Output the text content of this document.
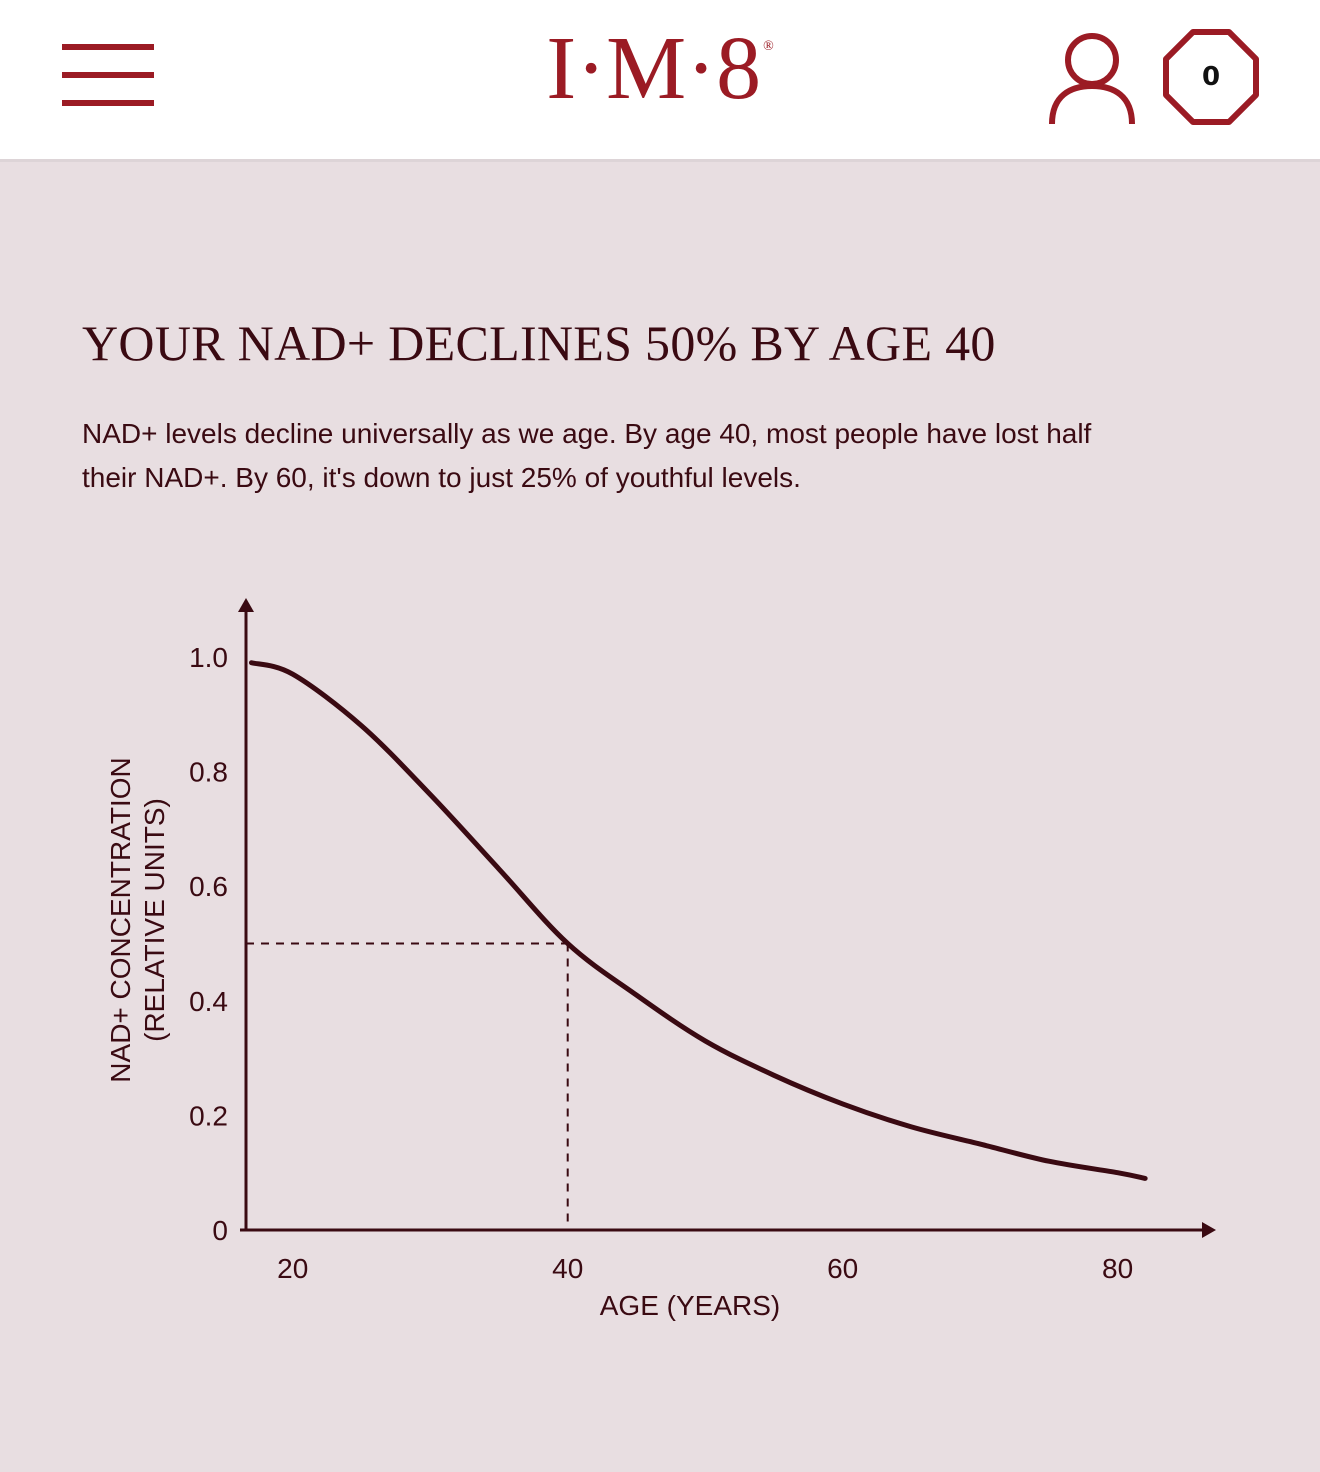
I·M·8 ®
0
YOUR NAD+ DECLINES 50% BY AGE 40
NAD+ levels decline universally as we age. By age 40, most people have lost half their NAD+. By 60, it's down to just 25% of youthful levels.
0
0.2
0.4
0.6
0.8
1.0
20	40	60	80
AGE (YEARS)
NAD+ CONCENTRATION (RELATIVE UNITS)
